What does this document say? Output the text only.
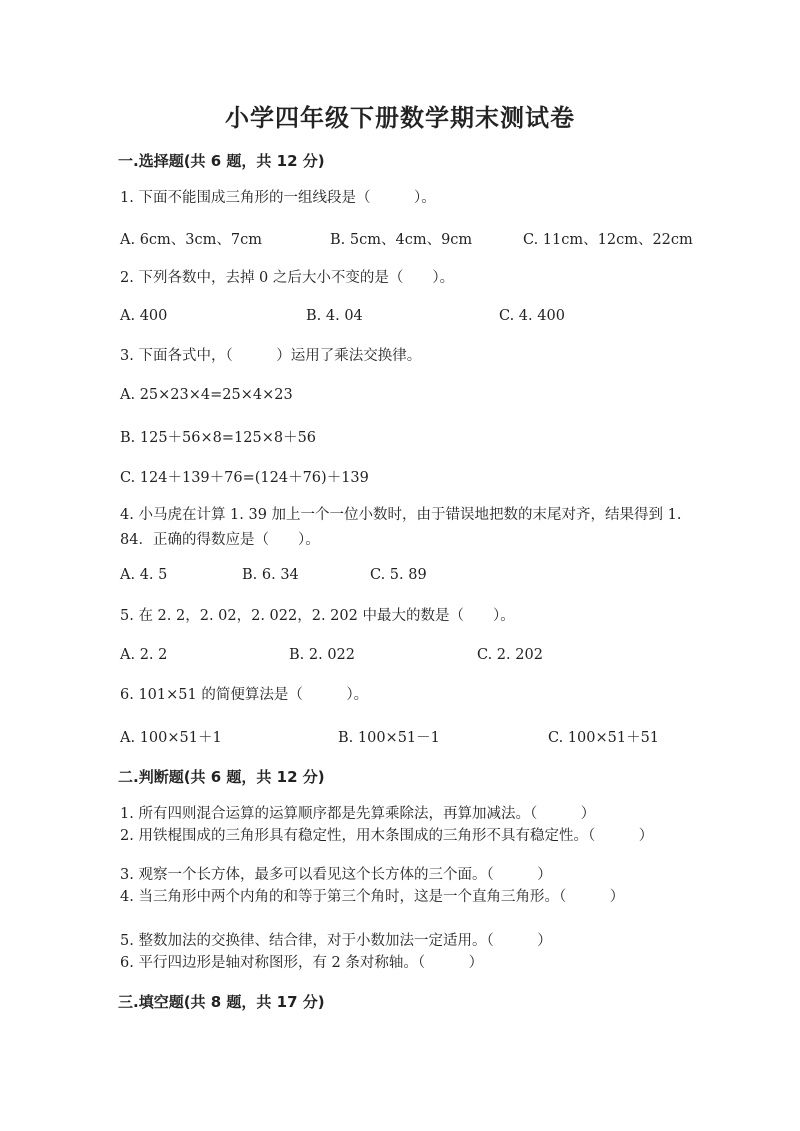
小学四年级下册数学期末测试卷
一.选择题(共 6 题，共 12 分)
1. 下面不能围成三角形的一组线段是（　　　）。
A. 6cm、3cm、7cm	B. 5cm、4cm、9cm	C. 11cm、12cm、22cm
2. 下列各数中，去掉 0 之后大小不变的是（　　）。
A. 400	B. 4. 04	C. 4. 400
3. 下面各式中，（　　　）运用了乘法交换律。
A. 25×23×4=25×4×23
B. 125＋56×8=125×8＋56
C. 124＋139＋76=(124＋76)＋139
4. 小马虎在计算 1. 39 加上一个一位小数时，由于错误地把数的末尾对齐，结果得到 1. 84．正确的得数应是（　　）。
A. 4. 5	B. 6. 34	C. 5. 89
5. 在 2. 2，2. 02，2. 022，2. 202 中最大的数是（　　）。
A. 2. 2	B. 2. 022	C. 2. 202
6. 101×51 的简便算法是（　　　）。
A. 100×51＋1	B. 100×51－1	C. 100×51＋51
二.判断题(共 6 题，共 12 分)
1. 所有四则混合运算的运算顺序都是先算乘除法，再算加减法。（　　　）
2. 用铁棍围成的三角形具有稳定性，用木条围成的三角形不具有稳定性。（　　　）
3. 观察一个长方体，最多可以看见这个长方体的三个面。（　　　）
4. 当三角形中两个内角的和等于第三个角时，这是一个直角三角形。（　　　）
5. 整数加法的交换律、结合律，对于小数加法一定适用。（　　　）
6. 平行四边形是轴对称图形，有 2 条对称轴。（　　　）
三.填空题(共 8 题，共 17 分)
